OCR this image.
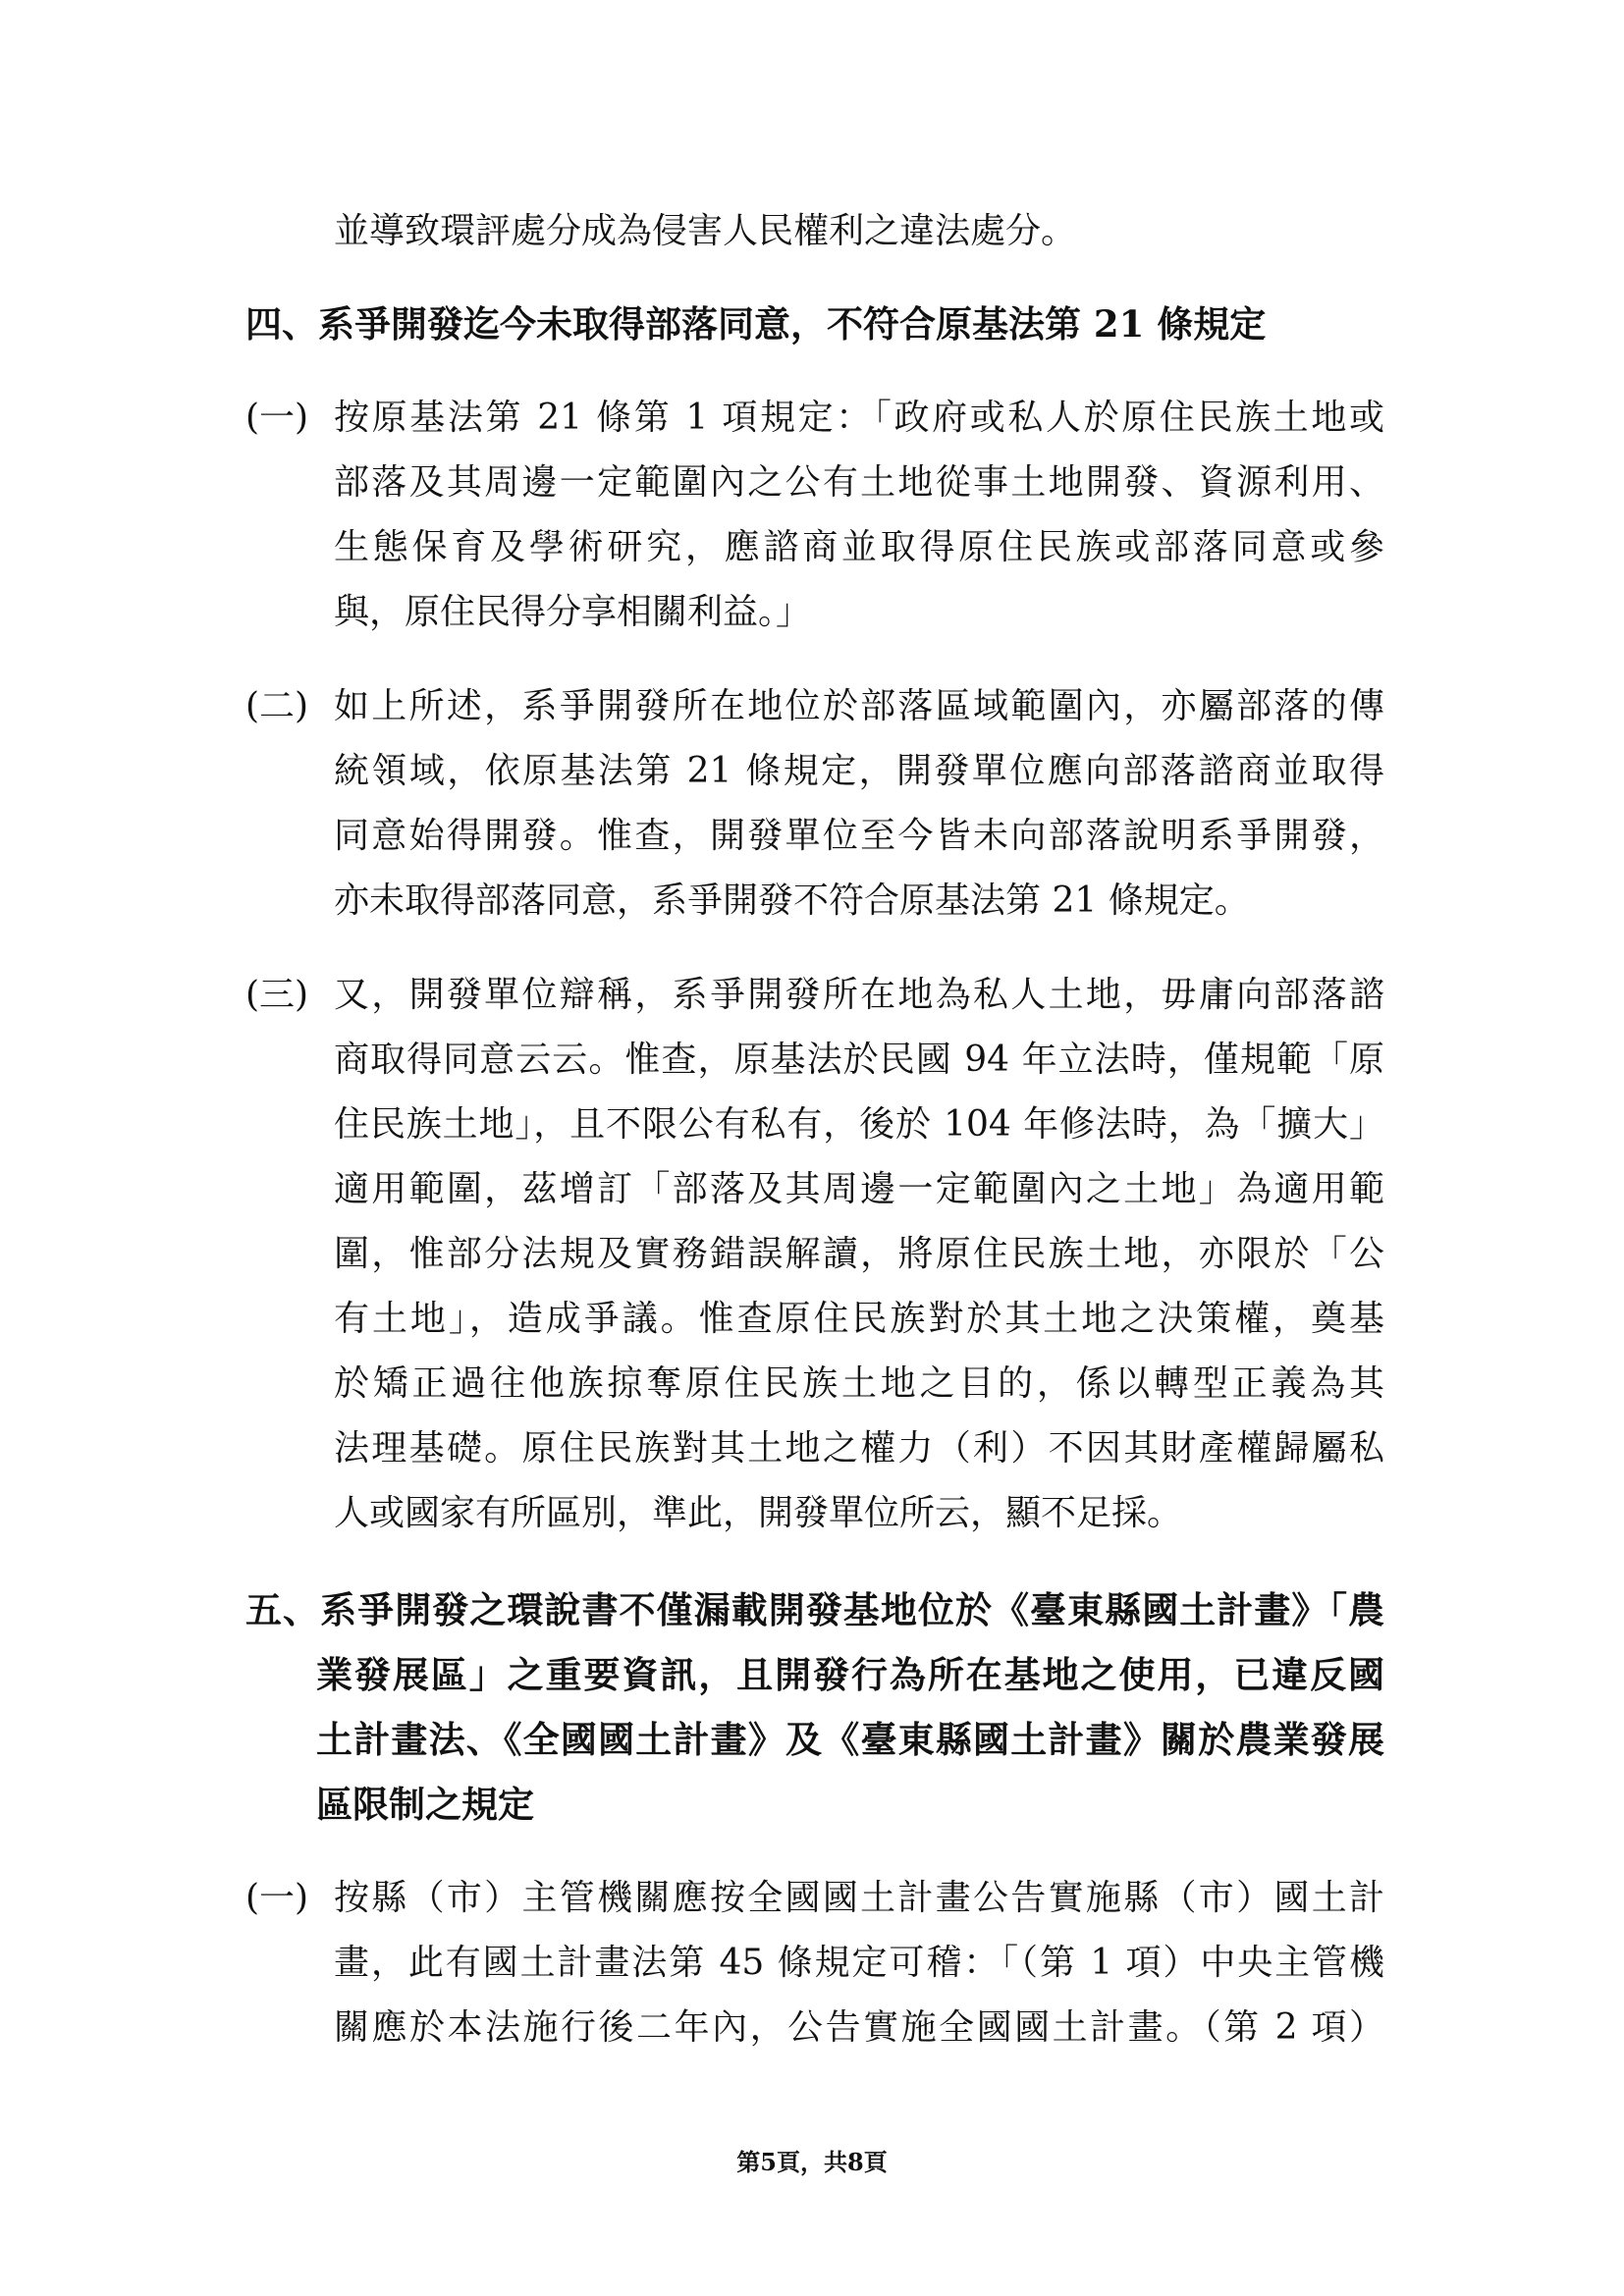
並導致環評處分成為侵害人民權利之違法處分。
四、系爭開發迄今未取得部落同意，不符合原基法第 21 條規定
(一) 按原基法第 21 條第 1 項規定：「政府或私人於原住民族土地或
部落及其周邊一定範圍內之公有土地從事土地開發、資源利用、
生態保育及學術研究，應諮商並取得原住民族或部落同意或參
與，原住民得分享相關利益。」
(二) 如上所述，系爭開發所在地位於部落區域範圍內，亦屬部落的傳
統領域，依原基法第 21 條規定，開發單位應向部落諮商並取得
同意始得開發。惟查，開發單位至今皆未向部落說明系爭開發，
亦未取得部落同意，系爭開發不符合原基法第 21 條規定。
(三) 又，開發單位辯稱，系爭開發所在地為私人土地，毋庸向部落諮
商取得同意云云。惟查，原基法於民國 94 年立法時，僅規範「原
住民族土地」，且不限公有私有，後於 104 年修法時，為「擴大」
適用範圍，茲增訂「部落及其周邊一定範圍內之土地」為適用範
圍，惟部分法規及實務錯誤解讀，將原住民族土地，亦限於「公
有土地」，造成爭議。惟查原住民族對於其土地之決策權，奠基
於矯正過往他族掠奪原住民族土地之目的，係以轉型正義為其
法理基礎。原住民族對其土地之權力（利）不因其財產權歸屬私
人或國家有所區別，準此，開發單位所云，顯不足採。
五、系爭開發之環說書不僅漏載開發基地位於《臺東縣國土計畫》「農
業發展區」之重要資訊，且開發行為所在基地之使用，已違反國
土計畫法、《全國國土計畫》及《臺東縣國土計畫》關於農業發展
區限制之規定
(一) 按縣（市）主管機關應按全國國土計畫公告實施縣（市）國土計
畫，此有國土計畫法第 45 條規定可稽：「（第 1 項）中央主管機
關應於本法施行後二年內，公告實施全國國土計畫。（第 2 項）
第5頁，共8頁
